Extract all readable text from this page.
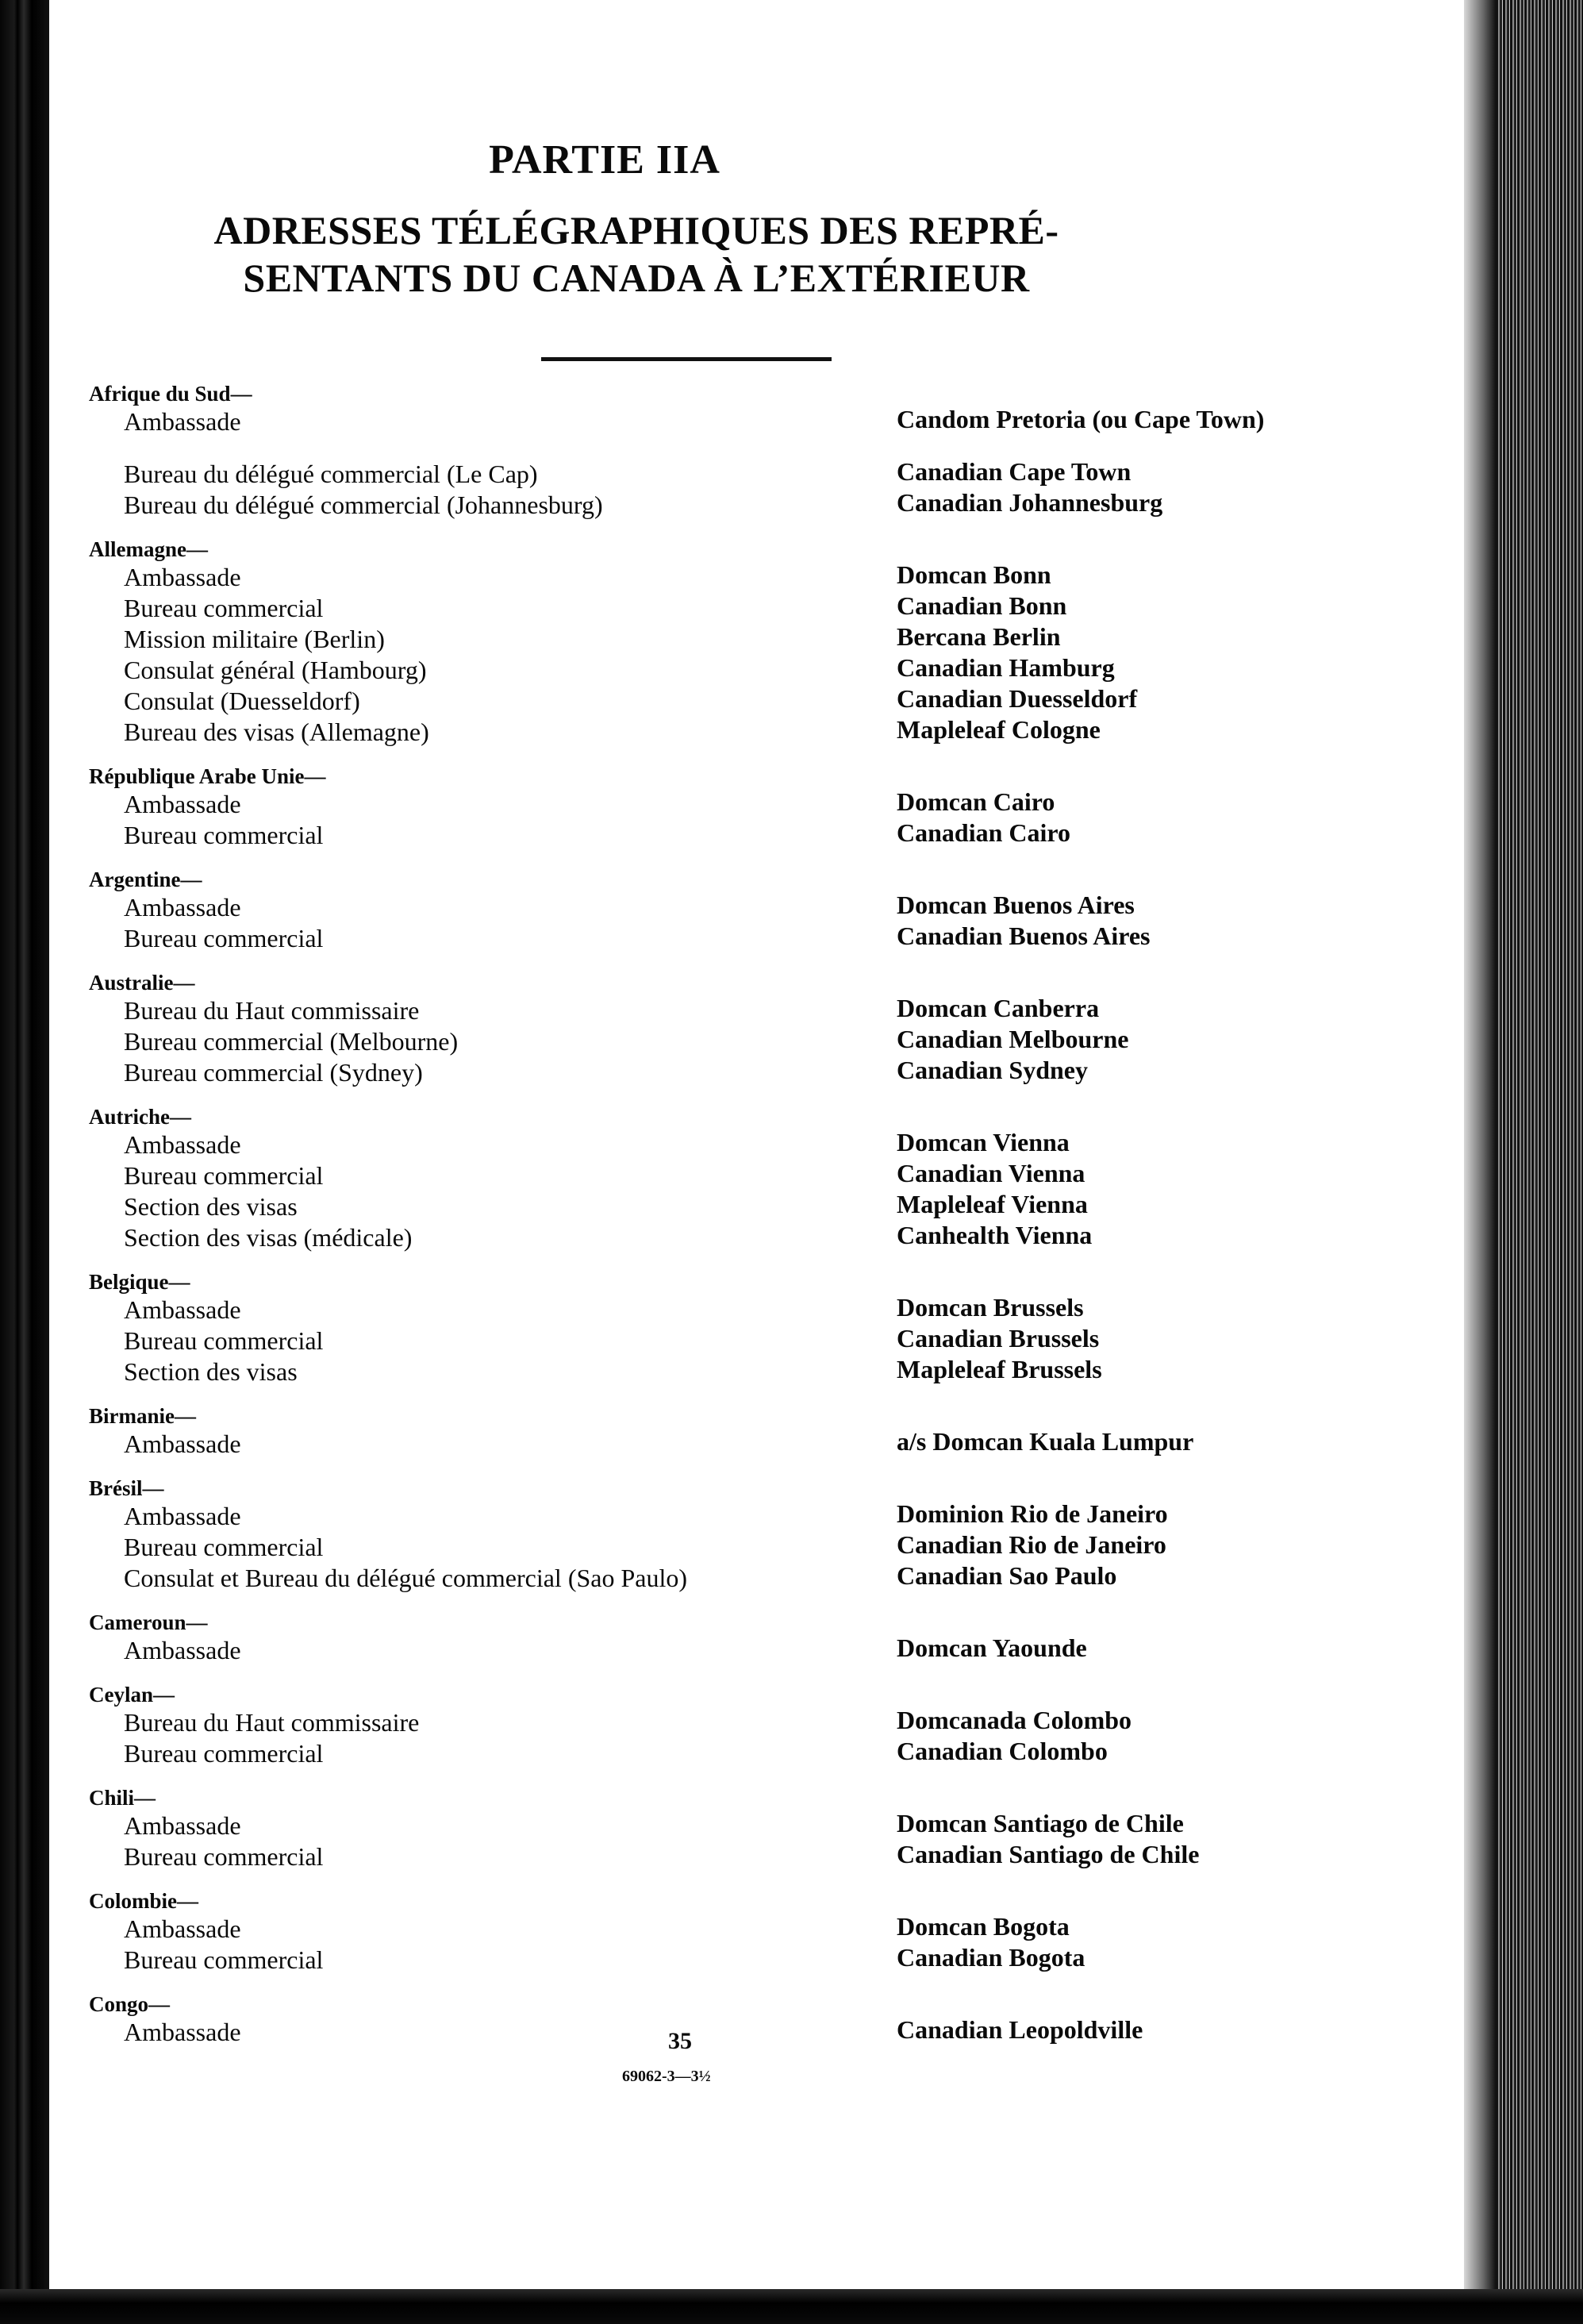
PARTIE IIA
ADRESSES TÉLÉGRAPHIQUES DES REPRÉ-
SENTANTS DU CANADA À L’EXTÉRIEUR
Afrique du Sud—
Ambassade	Candom Pretoria (ou Cape Town)
Bureau du délégué commercial (Le Cap)	Canadian Cape Town
Bureau du délégué commercial (Johannesburg)	Canadian Johannesburg
Allemagne—
Ambassade	Domcan Bonn
Bureau commercial	Canadian Bonn
Mission militaire (Berlin)	Bercana Berlin
Consulat général (Hambourg)	Canadian Hamburg
Consulat (Duesseldorf)	Canadian Duesseldorf
Bureau des visas (Allemagne)	Mapleleaf Cologne
République Arabe Unie—
Ambassade	Domcan Cairo
Bureau commercial	Canadian Cairo
Argentine—
Ambassade	Domcan Buenos Aires
Bureau commercial	Canadian Buenos Aires
Australie—
Bureau du Haut commissaire	Domcan Canberra
Bureau commercial (Melbourne)	Canadian Melbourne
Bureau commercial (Sydney)	Canadian Sydney
Autriche—
Ambassade	Domcan Vienna
Bureau commercial	Canadian Vienna
Section des visas	Mapleleaf Vienna
Section des visas (médicale)	Canhealth Vienna
Belgique—
Ambassade	Domcan Brussels
Bureau commercial	Canadian Brussels
Section des visas	Mapleleaf Brussels
Birmanie—
Ambassade	a/s Domcan Kuala Lumpur
Brésil—
Ambassade	Dominion Rio de Janeiro
Bureau commercial	Canadian Rio de Janeiro
Consulat et Bureau du délégué commercial (Sao Paulo)	Canadian Sao Paulo
Cameroun—
Ambassade	Domcan Yaounde
Ceylan—
Bureau du Haut commissaire	Domcanada Colombo
Bureau commercial	Canadian Colombo
Chili—
Ambassade	Domcan Santiago de Chile
Bureau commercial	Canadian Santiago de Chile
Colombie—
Ambassade	Domcan Bogota
Bureau commercial	Canadian Bogota
Congo—
Ambassade	Canadian Leopoldville
35
69062-3—3½
